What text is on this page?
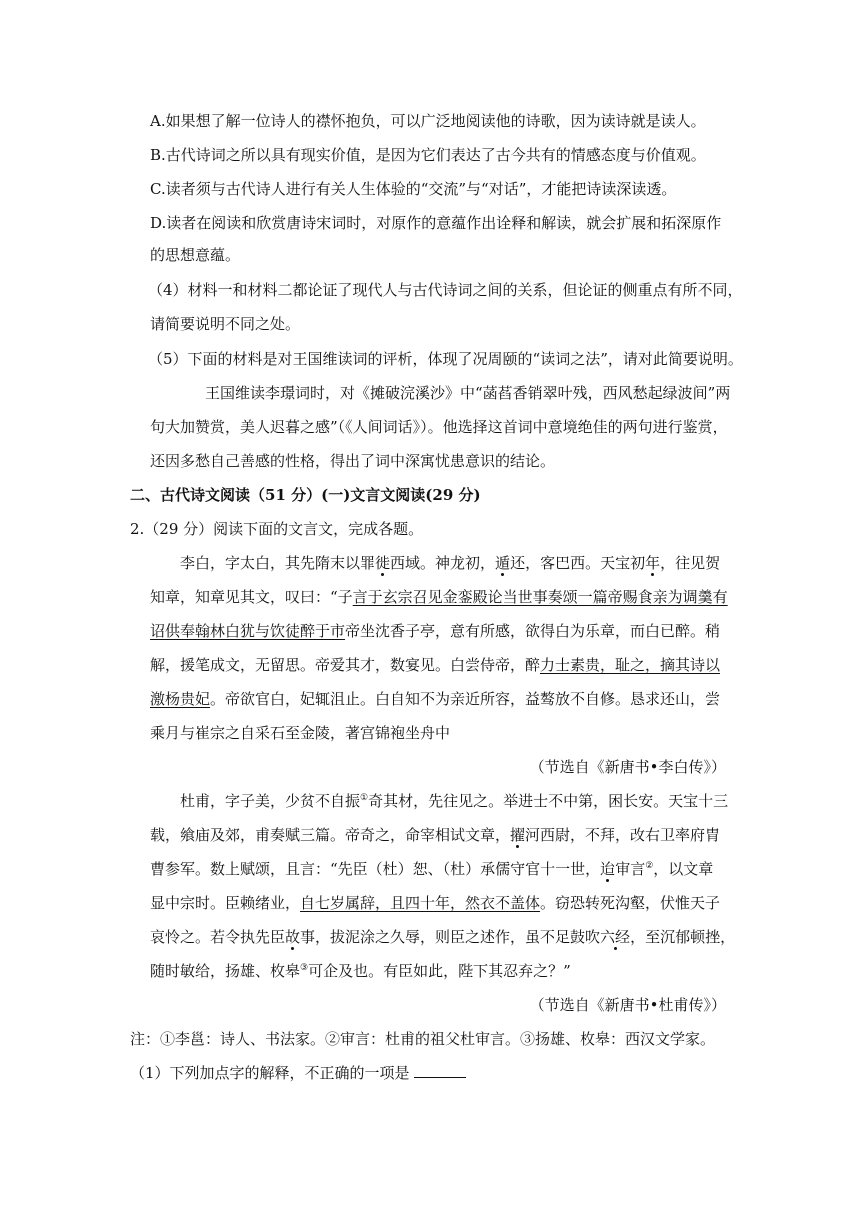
A.如果想了解一位诗人的襟怀抱负，可以广泛地阅读他的诗歌，因为读诗就是读人。
B.古代诗词之所以具有现实价值，是因为它们表达了古今共有的情感态度与价值观。
C.读者须与古代诗人进行有关人生体验的“交流”与“对话”，才能把诗读深读透。
D.读者在阅读和欣赏唐诗宋词时，对原作的意蕴作出诠释和解读，就会扩展和拓深原作
的思想意蕴。
（4）材料一和材料二都论证了现代人与古代诗词之间的关系，但论证的侧重点有所不同，
请简要说明不同之处。
（5）下面的材料是对王国维读词的评析，体现了况周颐的“读词之法”，请对此简要说明。
王国维读李璟词时，对《摊破浣溪沙》中“菡萏香销翠叶残，西风愁起绿波间”两
句大加赞赏，美人迟暮之感”（《人间词话》）。他选择这首词中意境绝佳的两句进行鉴赏，
还因多愁自己善感的性格，得出了词中深寓忧患意识的结论。
二、古代诗文阅读（51 分）(一)文言文阅读(29 分)
2.（29 分）阅读下面的文言文，完成各题。
李白，字太白，其先隋末以罪徙西域。神龙初，遁还，客巴西。天宝初年，往见贺
知章，知章见其文，叹曰：“子言于玄宗召见金銮殿论当世事奏颂一篇帝赐食亲为调羹有
诏供奉翰林白犹与饮徒醉于市帝坐沈香子亭，意有所感，欲得白为乐章，而白已醉。稍
解，援笔成文，无留思。帝爱其才，数宴见。白尝侍帝，醉力士素贵，耻之，摘其诗以
激杨贵妃。帝欲官白，妃辄沮止。白自知不为亲近所容，益骜放不自修。恳求还山，尝
乘月与崔宗之自采石至金陵，著宫锦袍坐舟中
（节选自《新唐书•李白传》）
杜甫，字子美，少贫不自振①奇其材，先往见之。举进士不中第，困长安。天宝十三
载，飨庙及郊，甫奏赋三篇。帝奇之，命宰相试文章，擢河西尉，不拜，改右卫率府胄
曹参军。数上赋颂，且言：“先臣（杜）恕、（杜）承儒守官十一世，迨审言②，以文章
显中宗时。臣赖绪业，自七岁属辞，且四十年，然衣不盖体。窃恐转死沟壑，伏惟天子
哀怜之。若令执先臣故事，拔泥涂之久辱，则臣之述作，虽不足鼓吹六经，至沉郁顿挫，
随时敏给，扬雄、枚皋③可企及也。有臣如此，陛下其忍弃之？”
（节选自《新唐书•杜甫传》）
注：①李邕：诗人、书法家。②审言：杜甫的祖父杜审言。③扬雄、枚皋：西汉文学家。
（1）下列加点字的解释，不正确的一项是
